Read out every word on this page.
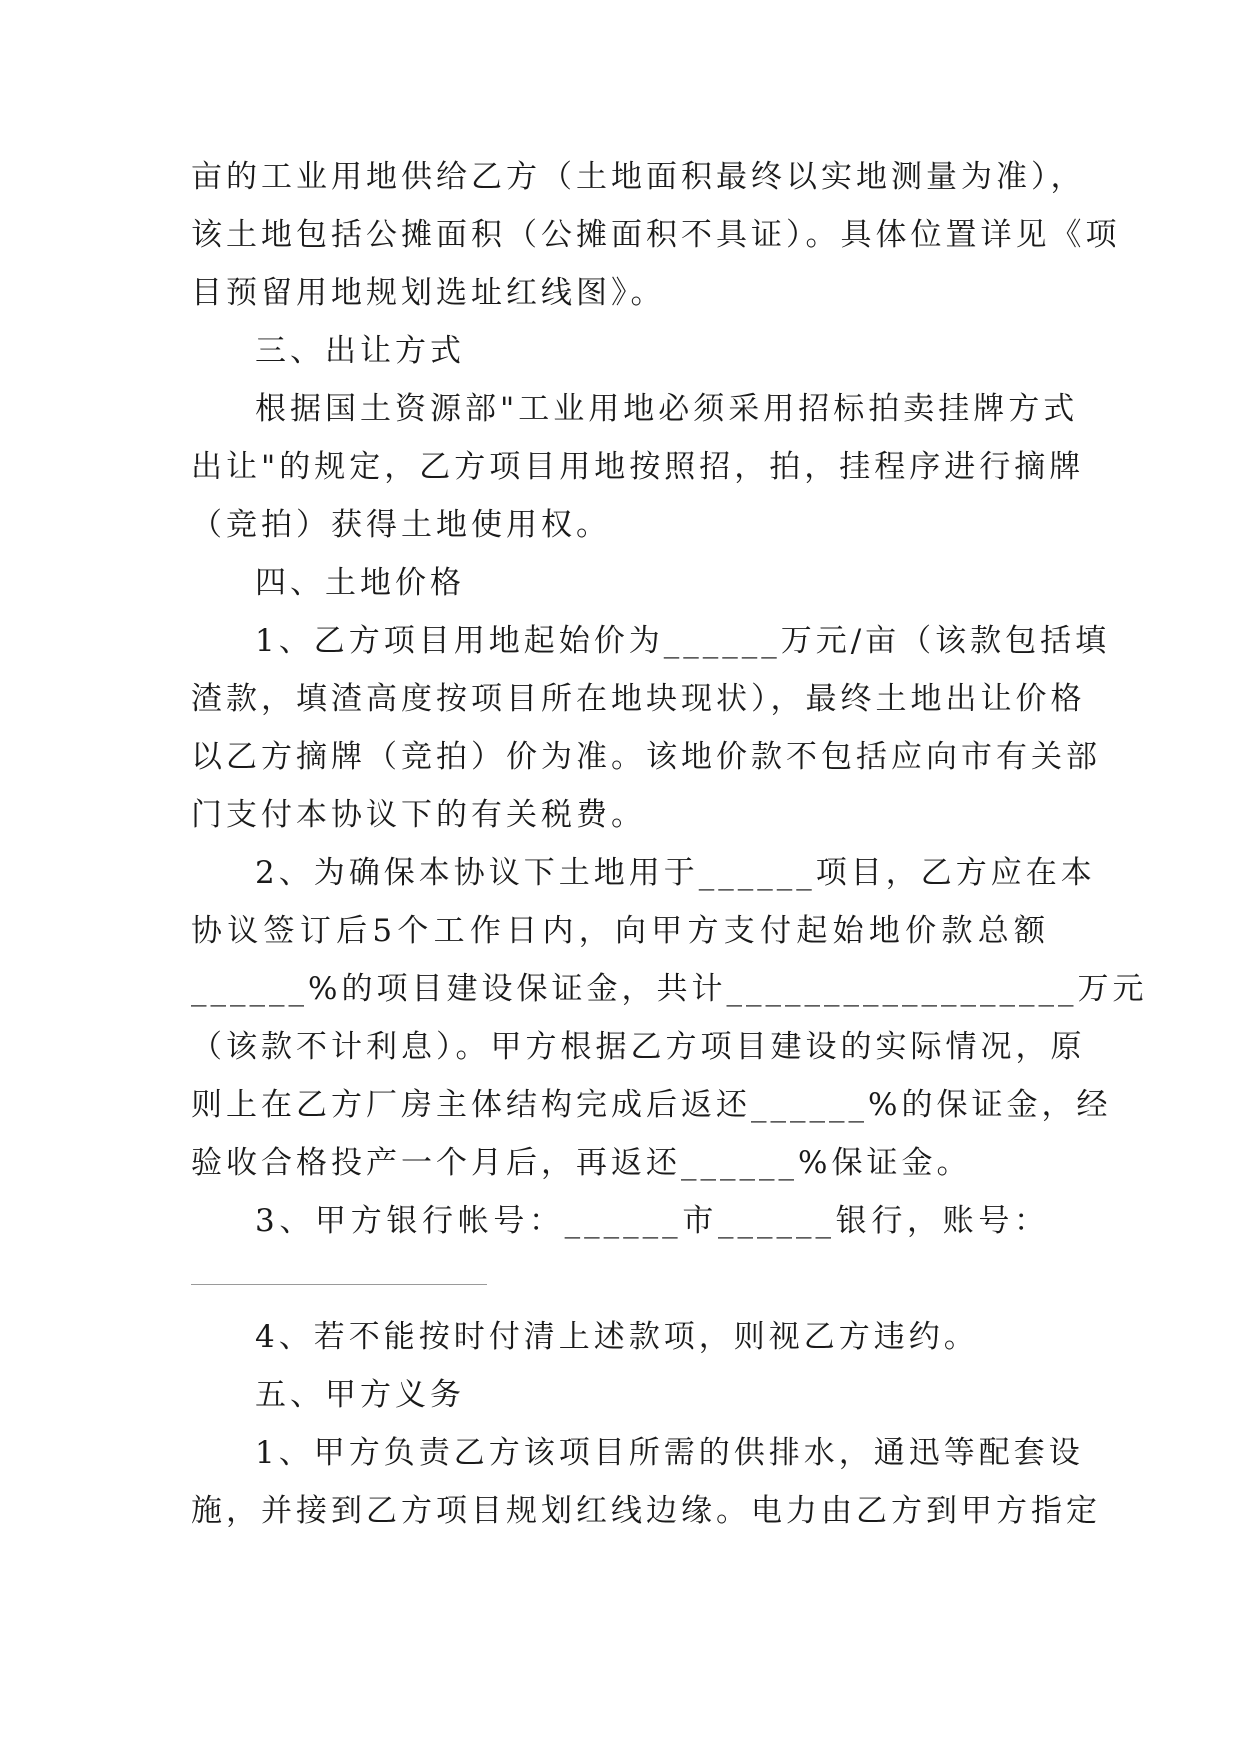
亩的工业用地供给乙方（土地面积最终以实地测量为准），
该土地包括公摊面积（公摊面积不具证）。具体位置详见《项
目预留用地规划选址红线图》。
三、出让方式
根据国土资源部"工业用地必须采用招标拍卖挂牌方式
出让"的规定，乙方项目用地按照招，拍，挂程序进行摘牌
（竞拍）获得土地使用权。
四、土地价格
1、乙方项目用地起始价为______万元/亩（该款包括填
渣款，填渣高度按项目所在地块现状），最终土地出让价格
以乙方摘牌（竞拍）价为准。该地价款不包括应向市有关部
门支付本协议下的有关税费。
2、为确保本协议下土地用于______项目，乙方应在本
协议签订后5个工作日内，向甲方支付起始地价款总额
______%的项目建设保证金，共计__________________万元
（该款不计利息）。甲方根据乙方项目建设的实际情况，原
则上在乙方厂房主体结构完成后返还______%的保证金，经
验收合格投产一个月后，再返还______%保证金。
3、甲方银行帐号：______市______银行，账号：
4、若不能按时付清上述款项，则视乙方违约。
五、甲方义务
1、甲方负责乙方该项目所需的供排水，通迅等配套设
施，并接到乙方项目规划红线边缘。电力由乙方到甲方指定
